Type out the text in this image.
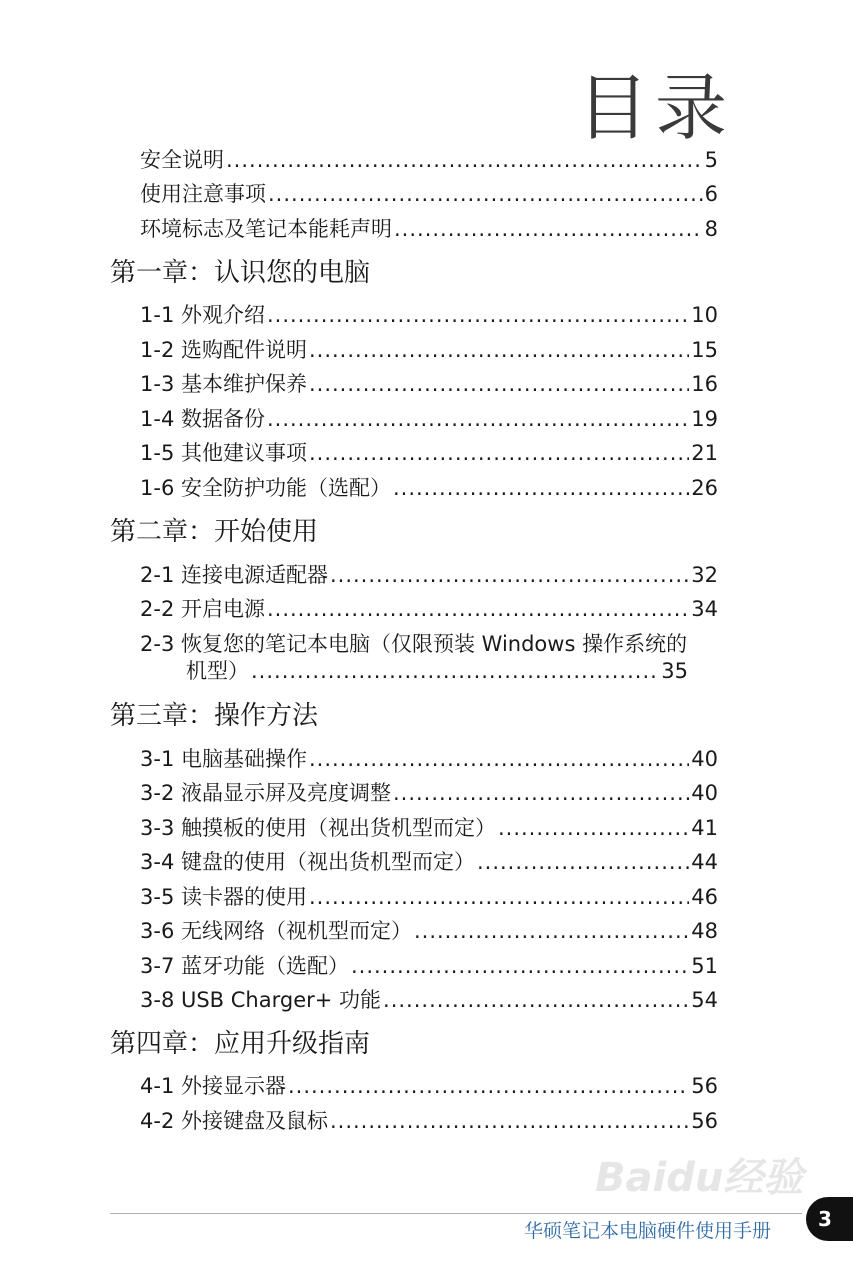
目录
安全说明 .....	5
使用注意事项 .....	6
环境标志及笔记本能耗声明 .....	8
第一章：认识您的电脑
1-1 外观介绍 .....	10
1-2 选购配件说明 .....	15
1-3 基本维护保养 .....	16
1-4 数据备份 .....	19
1-5 其他建议事项 .....	21
1-6 安全防护功能（选配） .....	26
第二章：开始使用
2-1 连接电源适配器 .....	32
2-2 开启电源 .....	34
2-3 恢复您的笔记本电脑（仅限预装 Windows 操作系统的
机型） .....	35
第三章：操作方法
3-1 电脑基础操作 .....	40
3-2 液晶显示屏及亮度调整 .....	40
3-3 触摸板的使用（视出货机型而定） .....	41
3-4 键盘的使用（视出货机型而定） .....	44
3-5 读卡器的使用 .....	46
3-6 无线网络（视机型而定） .....	48
3-7 蓝牙功能（选配） .....	51
3-8 USB Charger+ 功能 .....	54
第四章：应用升级指南
4-1 外接显示器 .....	56
4-2 外接键盘及鼠标 .....	56
Baidu经验
华硕笔记本电脑硬件使用手册	3
